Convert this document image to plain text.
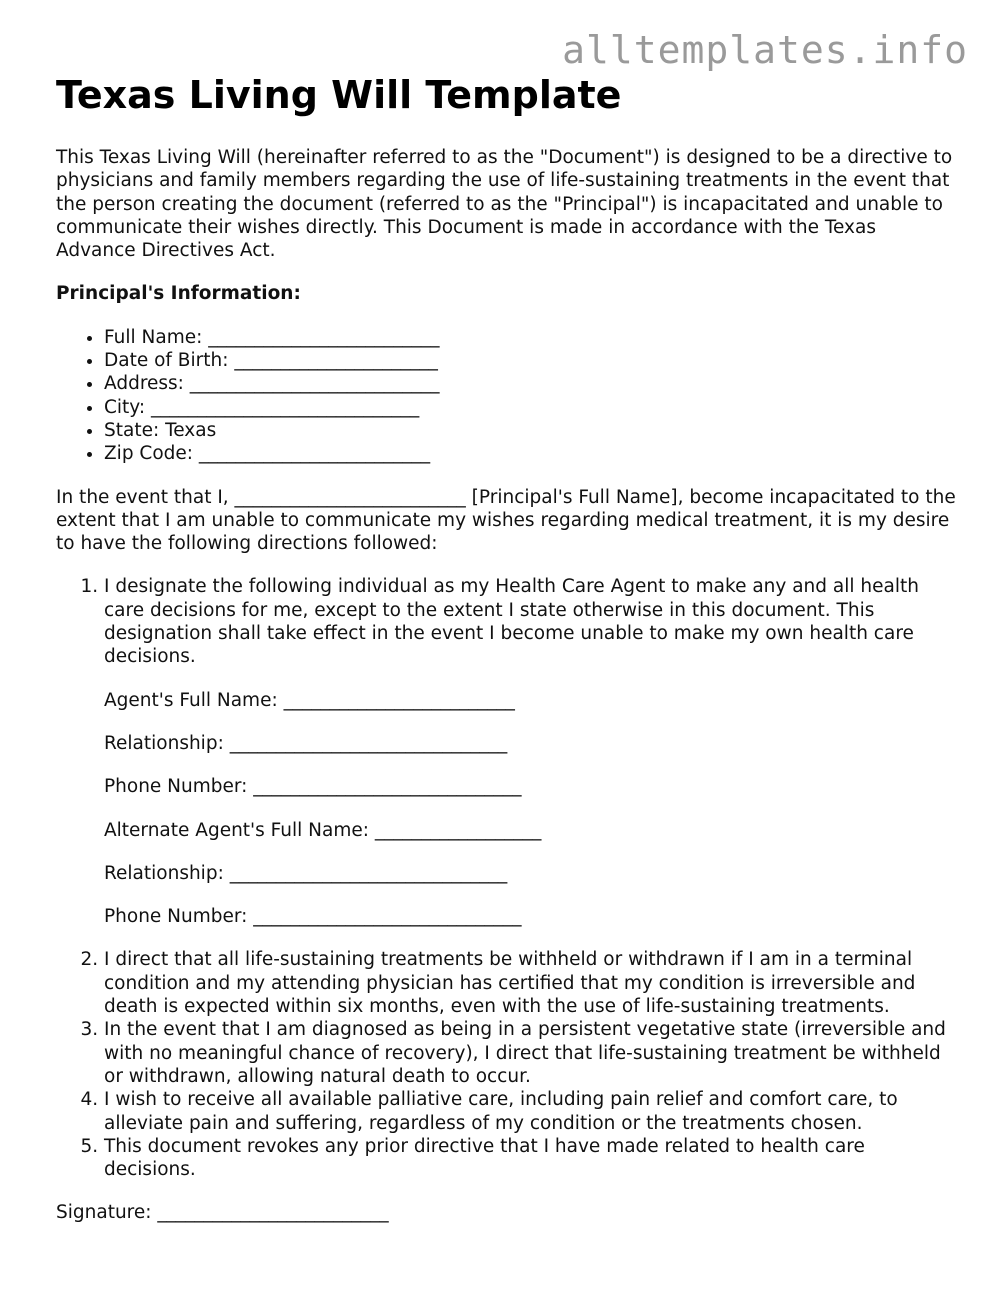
alltemplates.info
Texas Living Will Template

This Texas Living Will (hereinafter referred to as the "Document") is designed to be a directive to physicians and family members regarding the use of life-sustaining treatments in the event that the person creating the document (referred to as the "Principal") is incapacitated and unable to communicate their wishes directly. This Document is made in accordance with the Texas Advance Directives Act.

Principal's Information:

• Full Name: _________________________
• Date of Birth: ______________________
• Address: ___________________________
• City: _____________________________
• State: Texas
• Zip Code: _________________________

In the event that I, _________________________ [Principal's Full Name], become incapacitated to the extent that I am unable to communicate my wishes regarding medical treatment, it is my desire to have the following directions followed:

1. I designate the following individual as my Health Care Agent to make any and all health care decisions for me, except to the extent I state otherwise in this document. This designation shall take effect in the event I become unable to make my own health care decisions.
Agent's Full Name: _________________________
Relationship: ______________________________
Phone Number: _____________________________
Alternate Agent's Full Name: __________________
Relationship: ______________________________
Phone Number: _____________________________
2. I direct that all life-sustaining treatments be withheld or withdrawn if I am in a terminal condition and my attending physician has certified that my condition is irreversible and death is expected within six months, even with the use of life-sustaining treatments.
3. In the event that I am diagnosed as being in a persistent vegetative state (irreversible and with no meaningful chance of recovery), I direct that life-sustaining treatment be withheld or withdrawn, allowing natural death to occur.
4. I wish to receive all available palliative care, including pain relief and comfort care, to alleviate pain and suffering, regardless of my condition or the treatments chosen.
5. This document revokes any prior directive that I have made related to health care decisions.

Signature: _________________________
